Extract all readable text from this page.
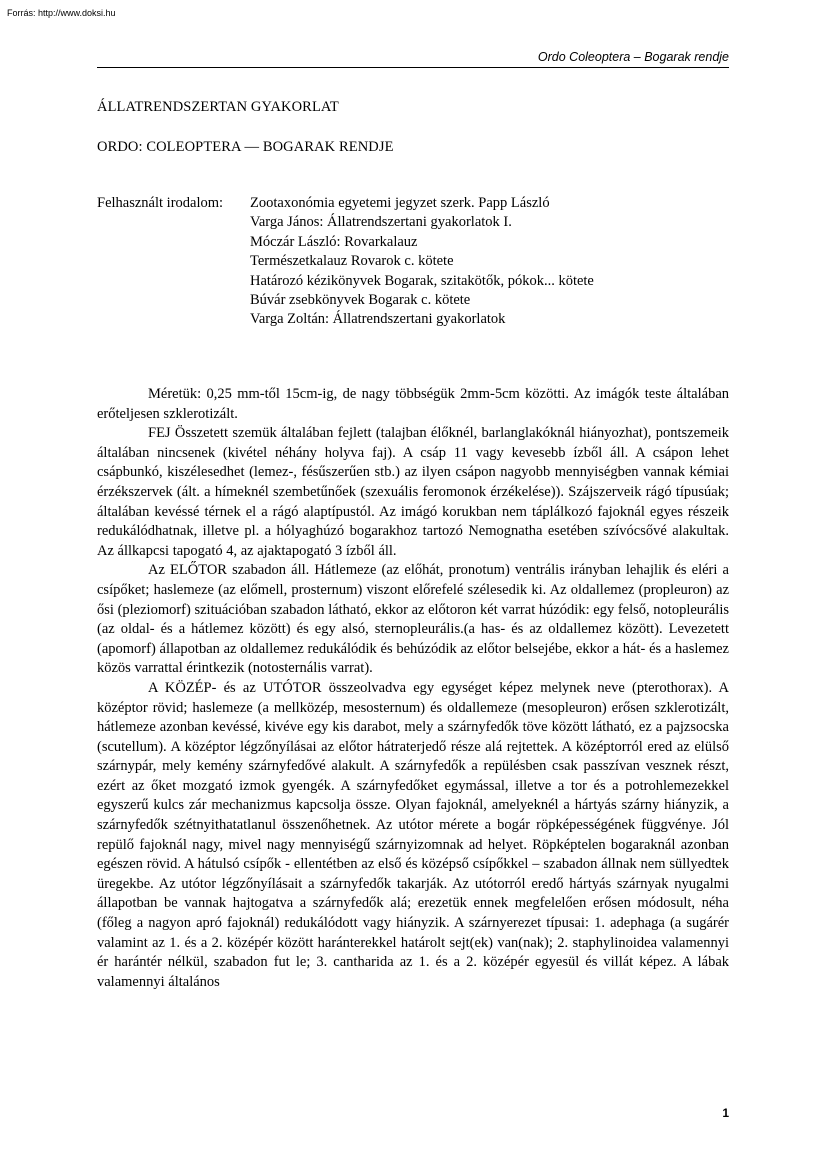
Forrás: http://www.doksi.hu
Ordo Coleoptera – Bogarak rendje
ÁLLATRENDSZERTAN GYAKORLAT
ORDO: COLEOPTERA — BOGARAK RENDJE
Felhasznált irodalom: Zootaxonómia egyetemi jegyzet szerk. Papp László
Varga János: Állatrendszertani gyakorlatok I.
Móczár László: Rovarkalauz
Természetkalauz Rovarok c. kötete
Határozó kézikönyvek Bogarak, szitakötők, pókok... kötete
Búvár zsebkönyvek Bogarak c. kötete
Varga Zoltán: Állatrendszertani gyakorlatok

Méretük: 0,25 mm-től 15cm-ig, de nagy többségük 2mm-5cm közötti. Az imágók teste általában erőteljesen szklerotizált.

FEJ Összetett szemük általában fejlett (talajban élőknél, barlanglakóknál hiányozhat), pontszemeik általában nincsenek (kivétel néhány holyva faj). A csáp 11 vagy kevesebb ízből áll. A csápon lehet csápbunkó, kiszélesedhet (lemez-, fésűszerűen stb.) az ilyen csápon nagyobb mennyiségben vannak kémiai érzékszervek (ált. a hímeknél szembetűnőek (szexuális feromonok érzékelése)). Szájszerveik rágó típusúak; általában kevéssé térnek el a rágó alaptípustól. Az imágó korukban nem táplálkozó fajoknál egyes részeik redukálódhatnak, illetve pl. a hólyaghúzó bogarakhoz tartozó Nemognatha esetében szívócsővé alakultak. Az állkapcsi tapogató 4, az ajaktapogató 3 ízből áll.

Az ELŐTOR szabadon áll. Hátlemeze (az előhát, pronotum) ventrális irányban lehajlik és eléri a csípőket; haslemeze (az előmell, prosternum) viszont előrefelé szélesedik ki. Az oldallemez (propleuron) az ősi (pleziomorf) szituációban szabadon látható, ekkor az előtoron két varrat húzódik: egy felső, notopleurális (az oldal- és a hátlemez között) és egy alsó, sternopleurális.(a has- és az oldallemez között). Levezetett (apomorf) állapotban az oldallemez redukálódik és behúzódik az előtor belsejébe, ekkor a hát- és a haslemez közös varrattal érintkezik (notosternális varrat).

A KÖZÉP- és az UTÓTOR összeolvadva egy egységet képez melynek neve (pterothorax). A középtor rövid; haslemeze (a mellközép, mesosternum) és oldallemeze (mesopleuron) erősen szklerotizált, hátlemeze azonban kevéssé, kivéve egy kis darabot, mely a szárnyfedők töve között látható, ez a pajzsocska (scutellum). A középtor légzőnyílásai az előtor hátraterjedő része alá rejtettek. A középtorról ered az elülső szárnypár, mely kemény szárnyfedővé alakult. A szárnyfedők a repülésben csak passzívan vesznek részt, ezért az őket mozgató izmok gyengék. A szárnyfedőket egymással, illetve a tor és a potrohlemezekkel egyszerű kulcs zár mechanizmus kapcsolja össze. Olyan fajoknál, amelyeknél a hártyás szárny hiányzik, a szárnyfedők szétnyithatatlanul összenőhetnek. Az utótor mérete a bogár röpképességének függvénye. Jól repülő fajoknál nagy, mivel nagy mennyiségű szárnyizomnak ad helyet. Röpképtelen bogaraknál azonban egészen rövid. A hátulsó csípők - ellentétben az első és középső csípőkkel – szabadon állnak nem süllyedtek üregekbe. Az utótor légzőnyílásait a szárnyfedők takarják. Az utótorról eredő hártyás szárnyak nyugalmi állapotban be vannak hajtogatva a szárnyfedők alá; erezetük ennek megfelelően erősen módosult, néha (főleg a nagyon apró fajoknál) redukálódott vagy hiányzik. A szárnyerezet típusai: 1. adephaga (a sugárér valamint az 1. és a 2. középér között haránterekkel határolt sejt(ek) van(nak); 2. staphylinoidea valamennyi ér harántér nélkül, szabadon fut le; 3. cantharida az 1. és a 2. középér egyesül és villát képez. A lábak valamennyi általános

1
